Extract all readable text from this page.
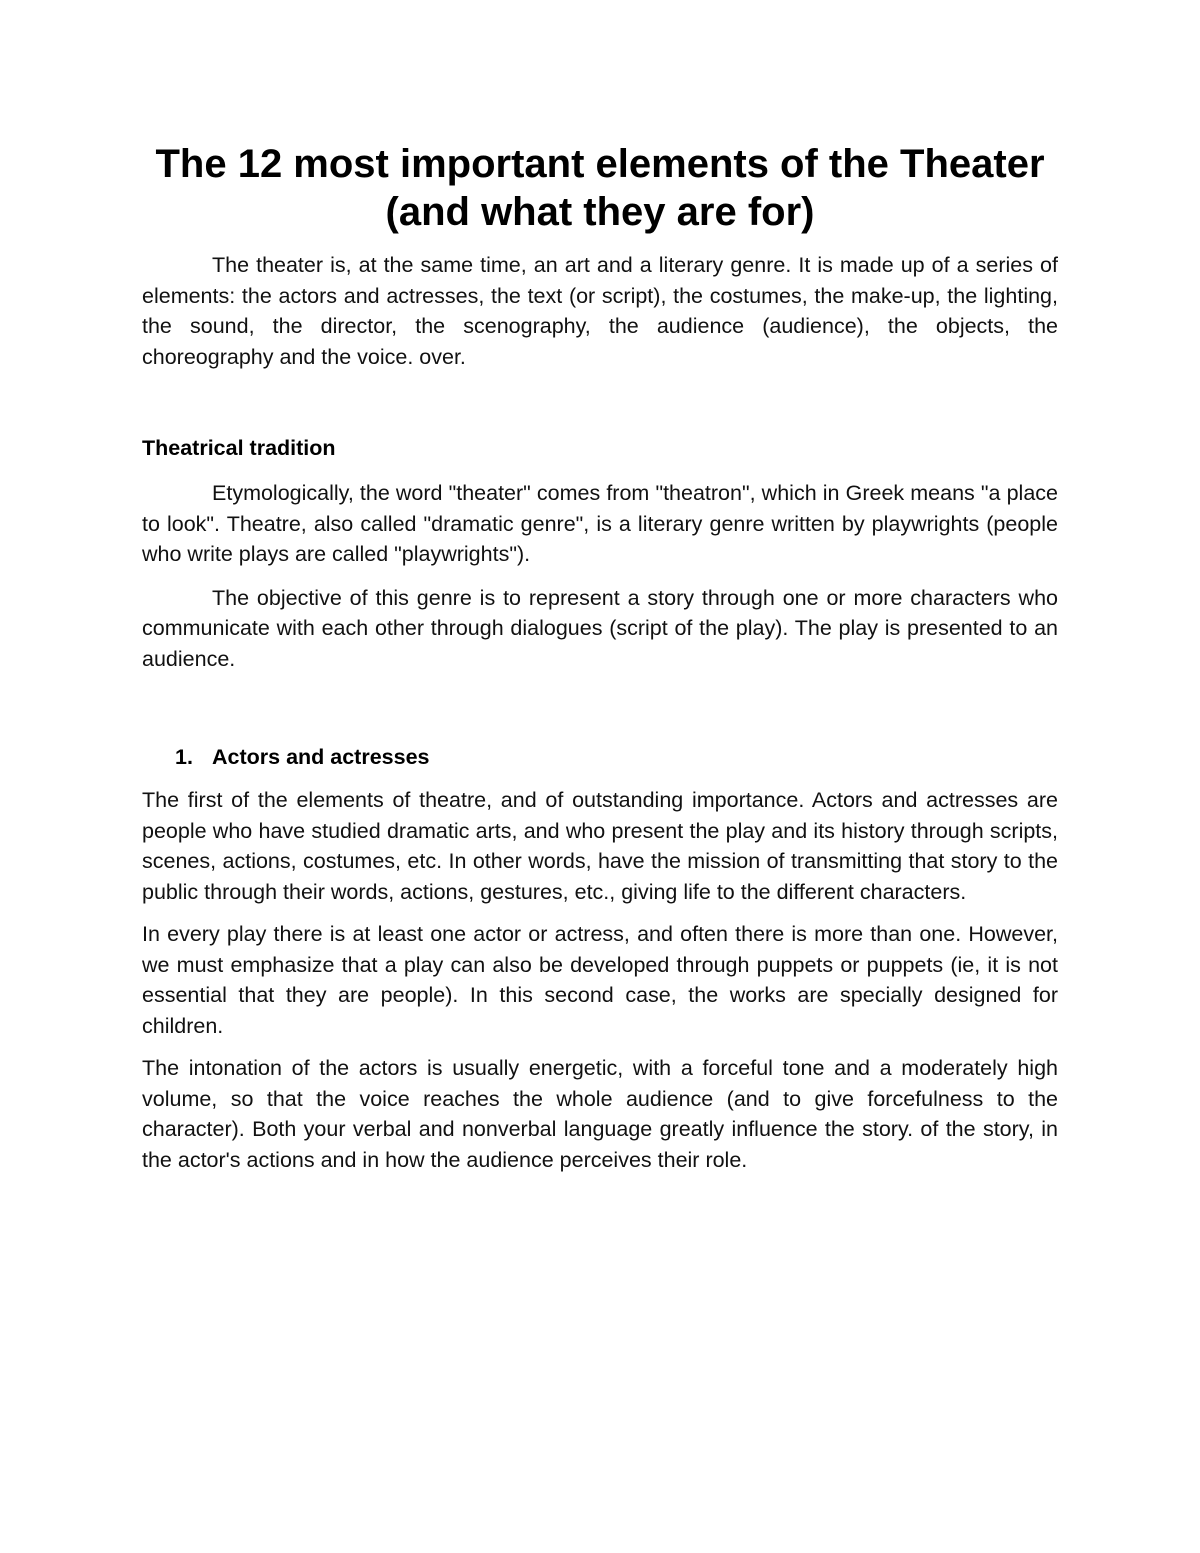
The 12 most important elements of the Theater
(and what they are for)

The theater is, at the same time, an art and a literary genre. It is made up of a series of elements: the actors and actresses, the text (or script), the costumes, the make-up, the lighting, the sound, the director, the scenography, the audience (audience), the objects, the choreography and the voice. over.

Theatrical tradition

Etymologically, the word "theater" comes from "theatron", which in Greek means "a place to look". Theatre, also called "dramatic genre", is a literary genre written by playwrights (people who write plays are called "playwrights").

The objective of this genre is to represent a story through one or more characters who communicate with each other through dialogues (script of the play). The play is presented to an audience.

1. Actors and actresses

The first of the elements of theatre, and of outstanding importance. Actors and actresses are people who have studied dramatic arts, and who present the play and its history through scripts, scenes, actions, costumes, etc. In other words, have the mission of transmitting that story to the public through their words, actions, gestures, etc., giving life to the different characters.

In every play there is at least one actor or actress, and often there is more than one. However, we must emphasize that a play can also be developed through puppets or puppets (ie, it is not essential that they are people). In this second case, the works are specially designed for children.

The intonation of the actors is usually energetic, with a forceful tone and a moderately high volume, so that the voice reaches the whole audience (and to give forcefulness to the character). Both your verbal and nonverbal language greatly influence the story. of the story, in the actor's actions and in how the audience perceives their role.
